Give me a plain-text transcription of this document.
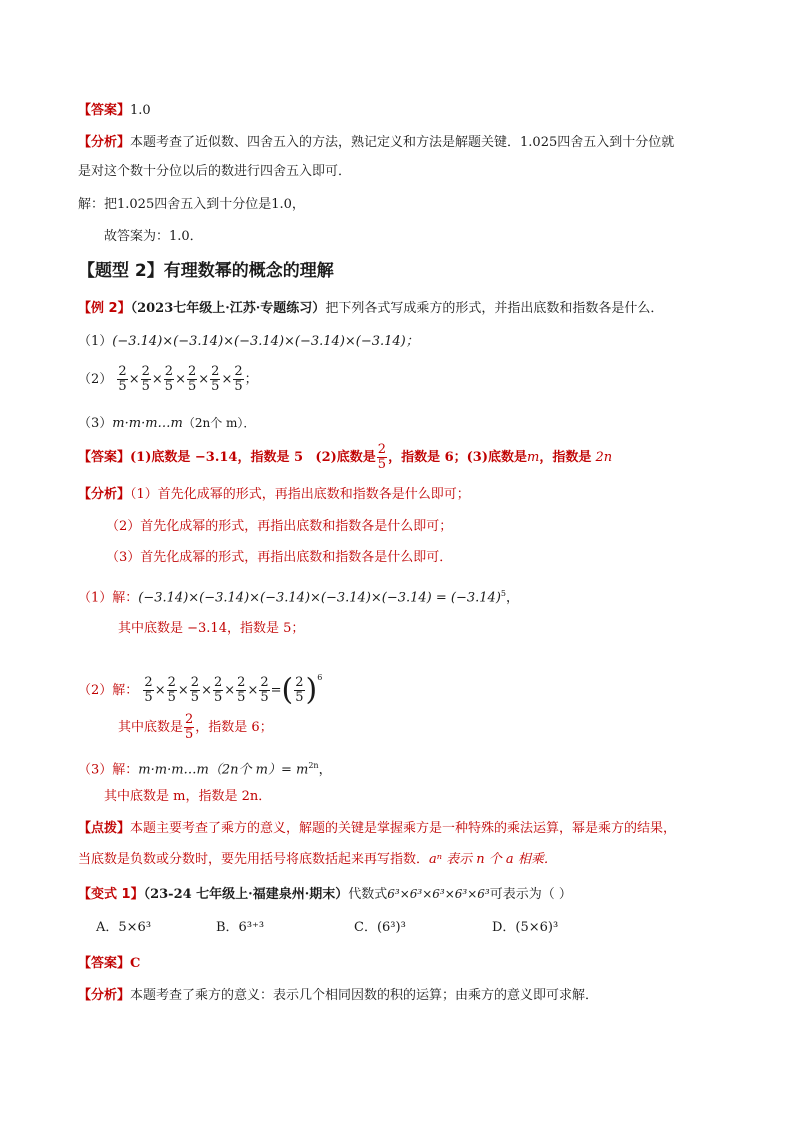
【答案】1.0
【分析】本题考查了近似数、四舍五入的方法，熟记定义和方法是解题关键．1.025四舍五入到十分位就
是对这个数十分位以后的数进行四舍五入即可．
解：把1.025四舍五入到十分位是1.0，
故答案为：1.0．
【题型 2】有理数幂的概念的理解
【例 2】（2023七年级上·江苏·专题练习）把下列各式写成乘方的形式，并指出底数和指数各是什么．
（1）(−3.14)×(−3.14)×(−3.14)×(−3.14)×(−3.14)；
$(2) \frac{2}{5} \times \frac{2}{5} \times \frac{2}{5} \times \frac{2}{5} \times \frac{2}{5} \times \frac{2}{5}$ ；
（3）m·m·m…m（2n个 m）．
【答案】(1)底数是 −3.14，指数是 5 (2)底数是 $\frac{2}{5}$ ，指数是 6；(3)底数是m，指数是 2n
【分析】（1）首先化成幂的形式，再指出底数和指数各是什么即可；
（2）首先化成幂的形式，再指出底数和指数各是什么即可；
（3）首先化成幂的形式，再指出底数和指数各是什么即可．
（1）解：$(-3.14)\times(-3.14)\times(-3.14)\times(-3.14)\times(-3.14) = (-3.14)^5$，
其中底数是 −3.14，指数是 5；
（2）解： $\frac{2}{5} \times \frac{2}{5} \times \frac{2}{5} \times \frac{2}{5} \times \frac{2}{5} \times \frac{2}{5}$ =( $\frac{2}{5} )^6$
其中底数是 $\frac{2}{5}$ ，指数是 6；
（3）解：m·m·m…m（2n个 $m)= m^{2n}$，
其中底数是 m，指数是 2n．
【点拨】本题主要考查了乘方的意义，解题的关键是掌握乘方是一种特殊的乘法运算，幂是乘方的结果，
当底数是负数或分数时，要先用括号将底数括起来再写指数．aⁿ 表示 n 个 a 相乘．
【变式 1】（23-24 七年级上·福建泉州·期末）代数式6³×6³×6³×6³×6³可表示为（ ）
A．5×6³	B．6³⁺³	C．(6³)³	D．(5×6)³
【答案】C
【分析】本题考查了乘方的意义：表示几个相同因数的积的运算；由乘方的意义即可求解．
